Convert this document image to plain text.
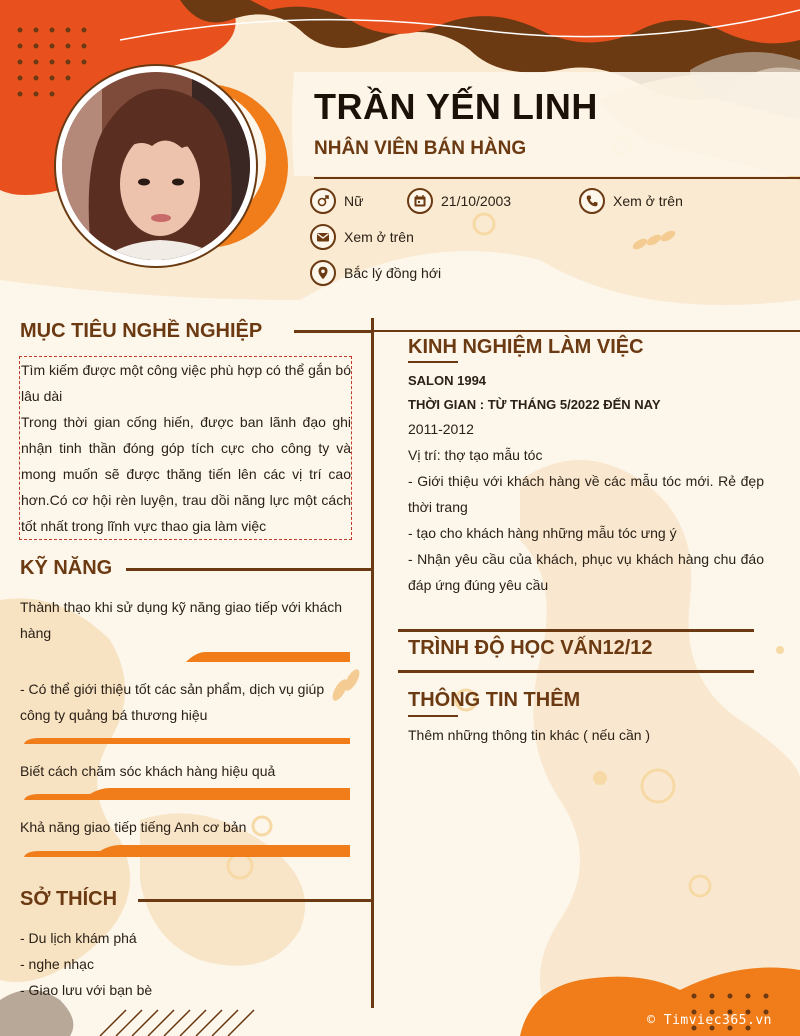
TRẦN YẾN LINH
NHÂN VIÊN BÁN HÀNG
Nữ	21/10/2003	Xem ở trên
Xem ở trên
Bắc lý đồng hới
MỤC TIÊU NGHỀ NGHIỆP
Tìm kiếm được một công việc phù hợp có thể gắn bó lâu dài
Trong thời gian cống hiến, được ban lãnh đạo ghi nhận tinh thần đóng góp tích cực cho công ty và mong muốn sẽ được thăng tiến lên các vị trí cao hơn.Có cơ hội rèn luyện, trau dồi năng lực một cách tốt nhất trong lĩnh vực thao gia làm việc
KỸ NĂNG
Thành thạo khi sử dụng kỹ năng giao tiếp với khách hàng
- Có thể giới thiệu tốt các sản phẩm, dịch vụ giúp công ty quảng bá thương hiệu
Biết cách chăm sóc khách hàng hiệu quả
Khả năng giao tiếp tiếng Anh cơ bản
SỞ THÍCH
- Du lịch khám phá
- nghe nhạc
- Giao lưu với bạn bè
KINH NGHIỆM LÀM VIỆC
SALON 1994
THỜI GIAN : TỪ THÁNG 5/2022 ĐẾN NAY
2011-2012
Vị trí: thợ tạo mẫu tóc
- Giới thiệu với khách hàng về các mẫu tóc mới. Rẻ đẹp thời trang
- tạo cho khách hàng những mẫu tóc ưng ý
- Nhận yêu cầu của khách, phục vụ khách hàng chu đáo đáp ứng đúng yêu cầu
TRÌNH ĐỘ HỌC VẤN12/12
THÔNG TIN THÊM
Thêm những thông tin khác ( nếu cần )
© Timviec365.vn
